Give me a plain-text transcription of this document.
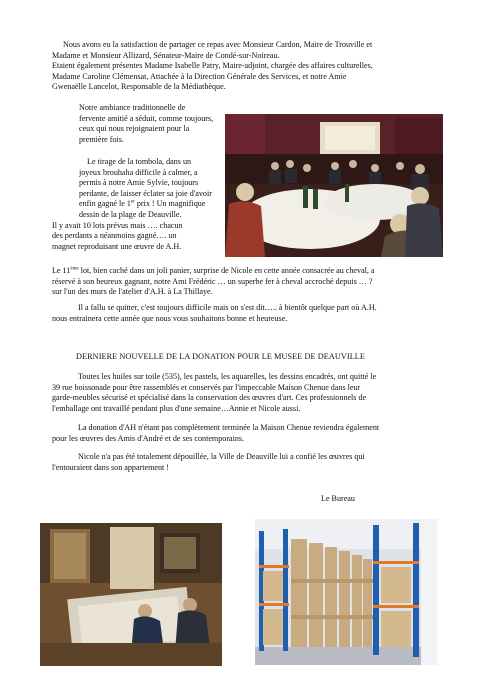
Nous avons eu la satisfaction de partager ce repas avec Monsieur Cardon, Maire de Trouville et
Madame et Monsieur Allizard, Sénateur-Maire de Condé-sur-Noireau.
Etaient également présentes Madame Isabelle Patry, Maire-adjoint, chargée des affaires culturelles,
Madame Caroline Clémensat, Attachée à la Direction Générale des Services, et notre Amie
Gwenaëlle Lancelot, Responsable de la Médiathèque.
Notre ambiance traditionnelle de
fervente amitié a séduit, comme toujours,
ceux qui nous rejoignaient pour la
première fois.
Le tirage de la tombola, dans un
joyeux brouhaha difficile à calmer, a
permis à notre Amie Sylvie, toujours
perdante, de laisser éclater sa joie d'avoir
enfin gagné le 1er prix ! Un magnifique
dessin de la plage de Deauville.
Il y avait 10 lots prévus mais …. chacun
des perdants a néanmoins gagné…. un
magnet reproduisant une œuvre de A.H.
Le 11ème lot, bien caché dans un joli panier, surprise de Nicole en cette année consacrée au cheval, a
réservé à son heureux gagnant, notre Ami Frédéric … un superbe fer à cheval accroché depuis … ?
sur l'un des murs de l'atelier d'A.H. à La Thillaye.
Il a fallu se quitter, c'est toujours difficile mais on s'est dit….. à bientôt quelque part où A.H.
nous entrainera cette année que nous vous souhaitons bonne et heureuse.
DERNIERE NOUVELLE DE LA DONATION POUR LE MUSEE DE DEAUVILLE
Toutes les huiles sur toile (535), les pastels, les aquarelles, les dessins encadrés, ont quitté le
39 rue boissonade pour être rassemblés et conservés par l'impeccable Maison Chenue dans leur
garde-meubles sécurisé et spécialisé dans la conservation des œuvres d'art. Ces professionnels de
l'emballage ont travaillé pendant plus d'une semaine…Annie et Nicole aussi.
La donation d'AH n'étant pas complètement terminée la Maison Chenue reviendra également
pour les œuvres des Amis d'André et de ses contemporains.
Nicole n'a pas été totalement dépouillée, la Ville de Deauville lui a confié les œuvres qui
l'entouraient dans son appartement !
Le Bureau
